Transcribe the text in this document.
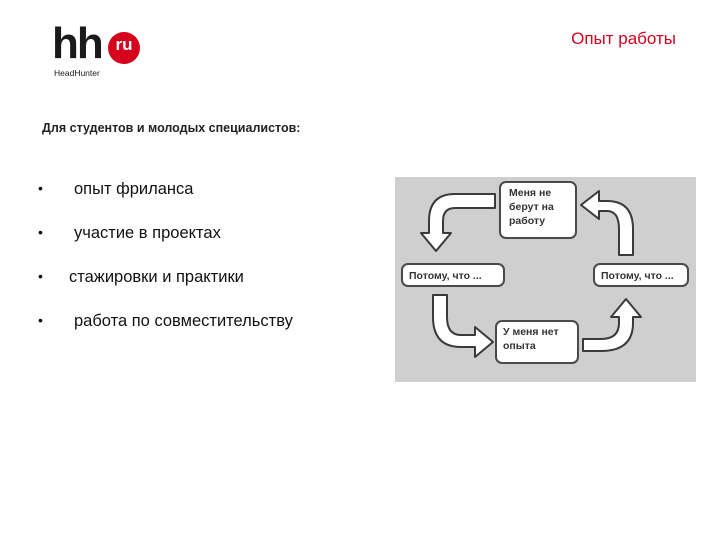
hh ru
HeadHunter
Опыт работы
Для студентов и молодых специалистов:
• опыт фриланса
• участие в проектах
• стажировки и практики
• работа по совместительству
Меня не берут на работу
Потому, что ...	Потому, что ...
У меня нет опыта
